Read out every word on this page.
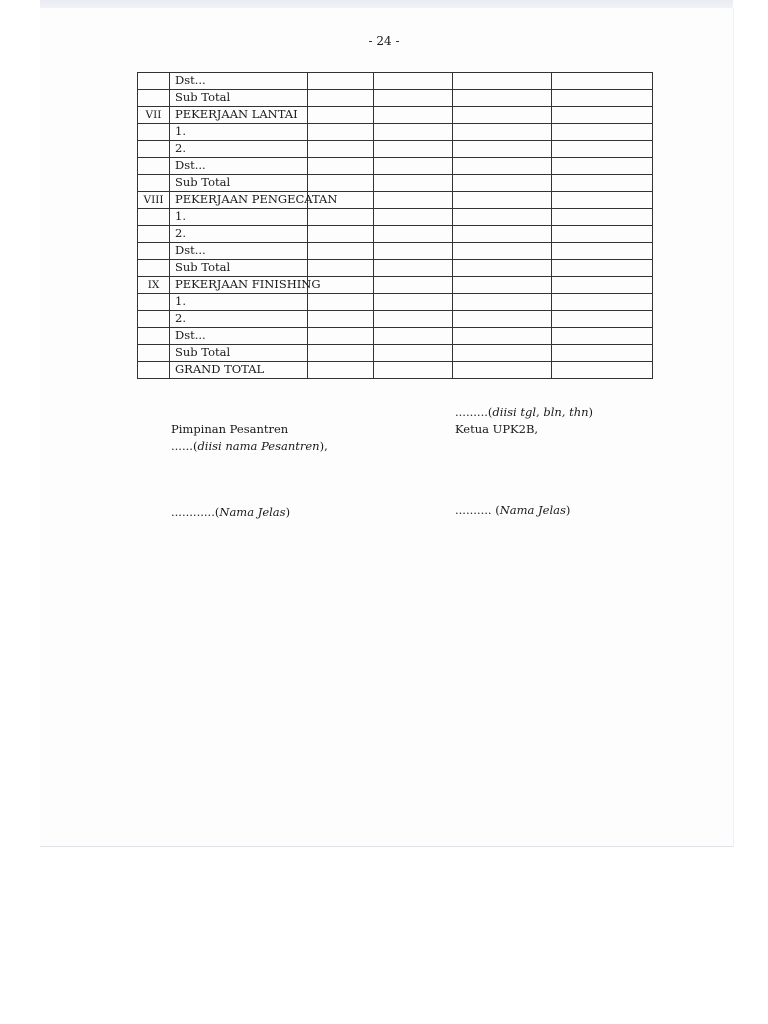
- 24 -
	Dst...				
	Sub Total				
VII	PEKERJAAN LANTAI				
	1.				
	2.				
	Dst...				
	Sub Total				
VIII	PEKERJAAN PENGECATAN				
	1.				
	2.				
	Dst...				
	Sub Total				
IX	PEKERJAAN FINISHING				
	1.				
	2.				
	Dst...				
	Sub Total				
	GRAND TOTAL				
.........(diisi tgl, bln, thn)
Pimpinan Pesantren	Ketua UPK2B,
......(diisi nama Pesantren),
............(Nama Jelas)	.......... (Nama Jelas)
